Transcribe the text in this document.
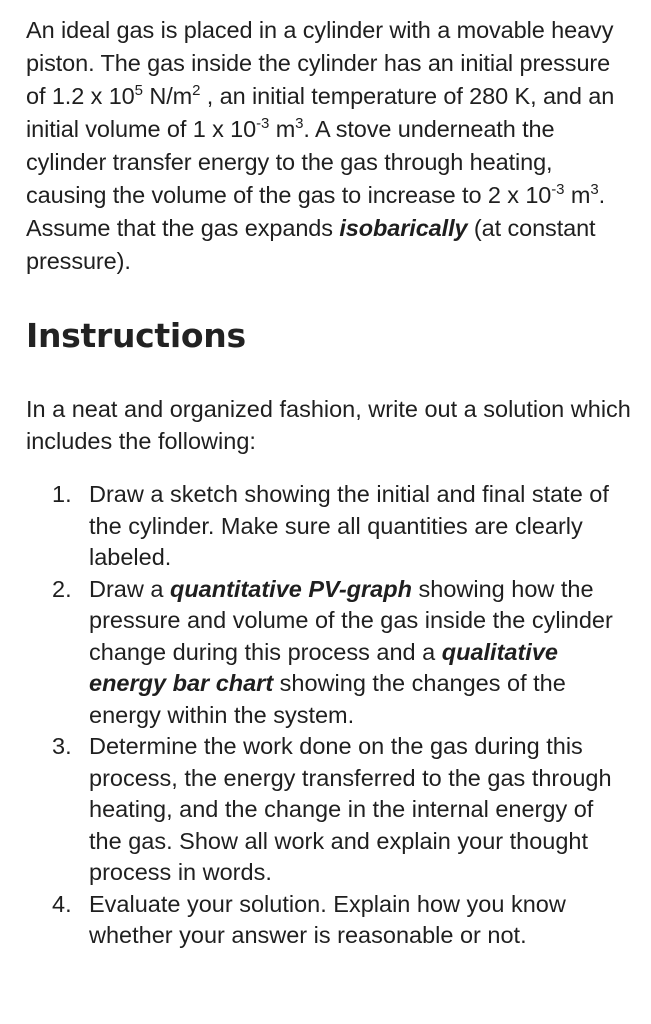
An ideal gas is placed in a cylinder with a movable heavy piston. The gas inside the cylinder has an initial pressure of 1.2 x $10^5$ $N/m^2$ , an initial temperature of 280 K, and an initial volume of 1 x $10^{-3}$ $m^3$. A stove underneath the cylinder transfer energy to the gas through heating, causing the volume of the gas to increase to 2 x $10^{-3}$ $m^3$. Assume that the gas expands isobarically (at constant pressure).

Instructions

In a neat and organized fashion, write out a solution which includes the following:

1. Draw a sketch showing the initial and final state of the cylinder. Make sure all quantities are clearly labeled.
2. Draw a quantitative PV-graph showing how the pressure and volume of the gas inside the cylinder change during this process and a qualitative energy bar chart showing the changes of the energy within the system.
3. Determine the work done on the gas during this process, the energy transferred to the gas through heating, and the change in the internal energy of the gas. Show all work and explain your thought process in words.
4. Evaluate your solution. Explain how you know whether your answer is reasonable or not.
